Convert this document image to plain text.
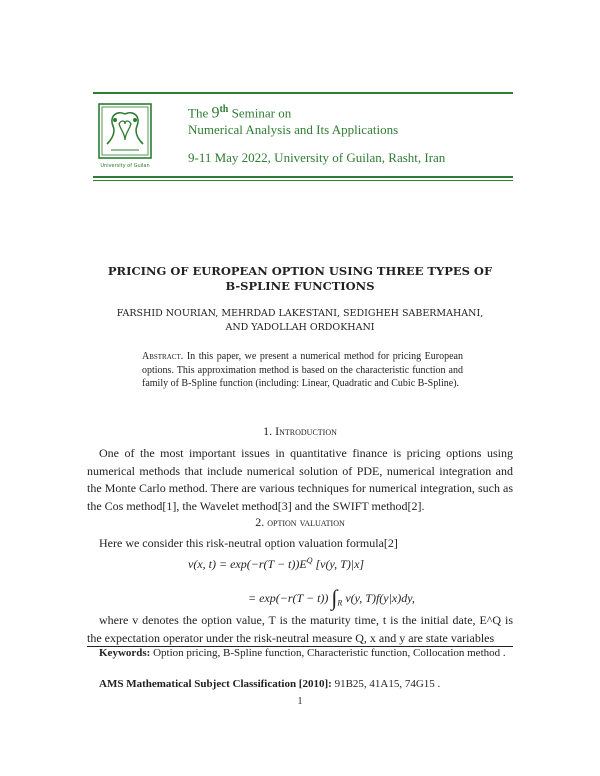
University of Guilan
The 9th Seminar on
Numerical Analysis and Its Applications
9-11 May 2022, University of Guilan, Rasht, Iran
PRICING OF EUROPEAN OPTION USING THREE TYPES OF
B-SPLINE FUNCTIONS
FARSHID NOURIAN, MEHRDAD LAKESTANI, SEDIGHEH SABERMAHANI,
AND YADOLLAH ORDOKHANI
Abstract. In this paper, we present a numerical method for pricing European options. This approximation method is based on the characteristic function and family of B-Spline function (including: Linear, Quadratic and Cubic B-Spline).
1. Introduction
One of the most important issues in quantitative finance is pricing options using numerical methods that include numerical solution of PDE, numerical integration and the Monte Carlo method. There are various techniques for numerical integration, such as the Cos method[1], the Wavelet method[3] and the SWIFT method[2].
2. option valuation
Here we consider this risk-neutral option valuation formula[2]
v(x, $t) = \exp(-r(T - t))E^Q$ [v(y, T)|x]
= exp(−r(T − t)) $\int_R$ v(y, T)f(y|x)dy,
where v denotes the option value, T is the maturity time, t is the initial date, E^Q is the expectation operator under the risk-neutral measure Q, x and y are state variables
Keywords: Option pricing, B-Spline function, Characteristic function, Collocation method .
AMS Mathematical Subject Classification [2010]: 91B25, 41A15, 74G15 .
1
